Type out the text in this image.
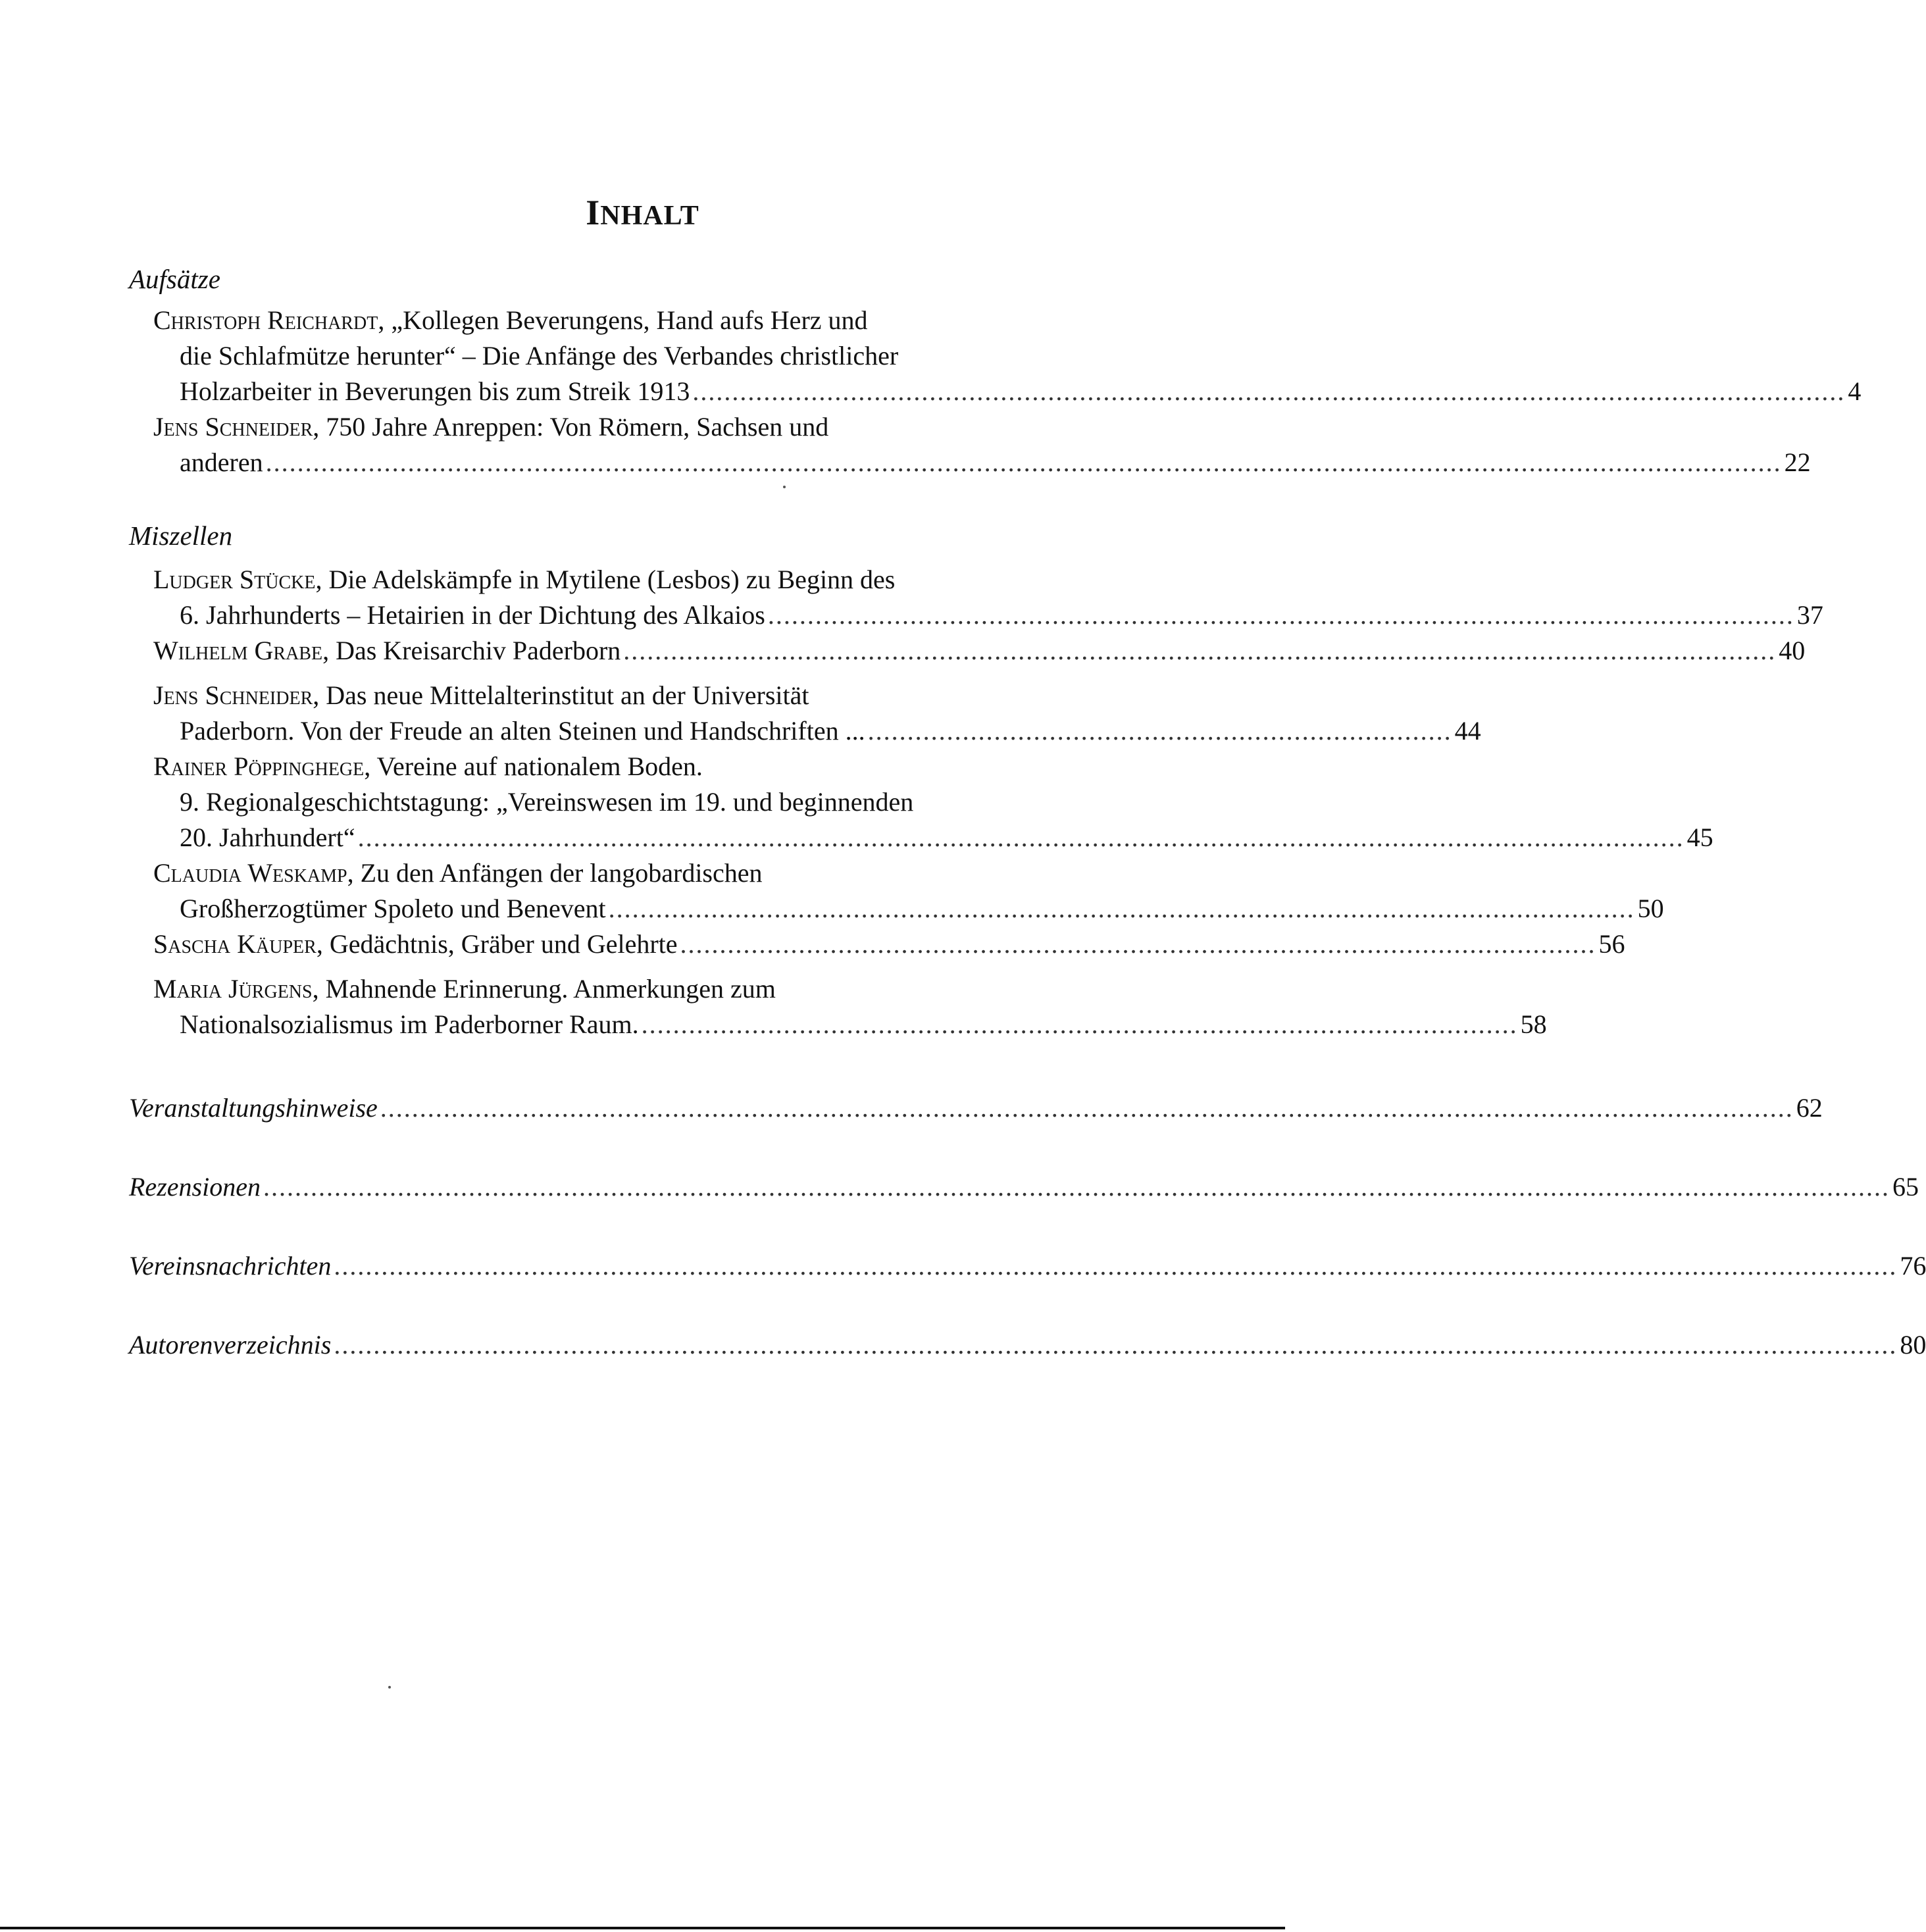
INHALT
Aufsätze
Christoph Reichardt, „Kollegen Beverungens, Hand aufs Herz und
die Schlafmütze herunter“ – Die Anfänge des Verbandes christlicher
Holzarbeiter in Beverungen bis zum Streik 1913 .................................................................................................................................................. 4
Jens Schneider, 750 Jahre Anreppen: Von Römern, Sachsen und
anderen ................................................................................................................................................................................................ 22
Miszellen
Ludger Stücke, Die Adelskämpfe in Mytilene (Lesbos) zu Beginn des
6. Jahrhunderts – Hetairien in der Dichtung des Alkaios .................................................................................................................................. 37
Wilhelm Grabe, Das Kreisarchiv Paderborn .................................................................................................................................................. 40
Jens Schneider, Das neue Mittelalterinstitut an der Universität
Paderborn. Von der Freude an alten Steinen und Handschriften ... .......................................................................... 44
Rainer Pöppinghege, Vereine auf nationalem Boden.
9. Regionalgeschichtstagung: „Vereinswesen im 19. und beginnenden
20. Jahrhundert“ ........................................................................................................................................................................ 45
Claudia Weskamp, Zu den Anfängen der langobardischen
Großherzogtümer Spoleto und Benevent .................................................................................................................................. 50
Sascha Käuper, Gedächtnis, Gräber und Gelehrte .................................................................................................................... 56
Maria Jürgens, Mahnende Erinnerung. Anmerkungen zum
Nationalsozialismus im Paderborner Raum. ............................................................................................................... 58
Veranstaltungshinweise ................................................................................................................................................................................... 62
Rezensionen .............................................................................................................................................................................................................. 65
Vereinsnachrichten ...................................................................................................................................................................................................... 76
Autorenverzeichnis ...................................................................................................................................................................................................... 80
